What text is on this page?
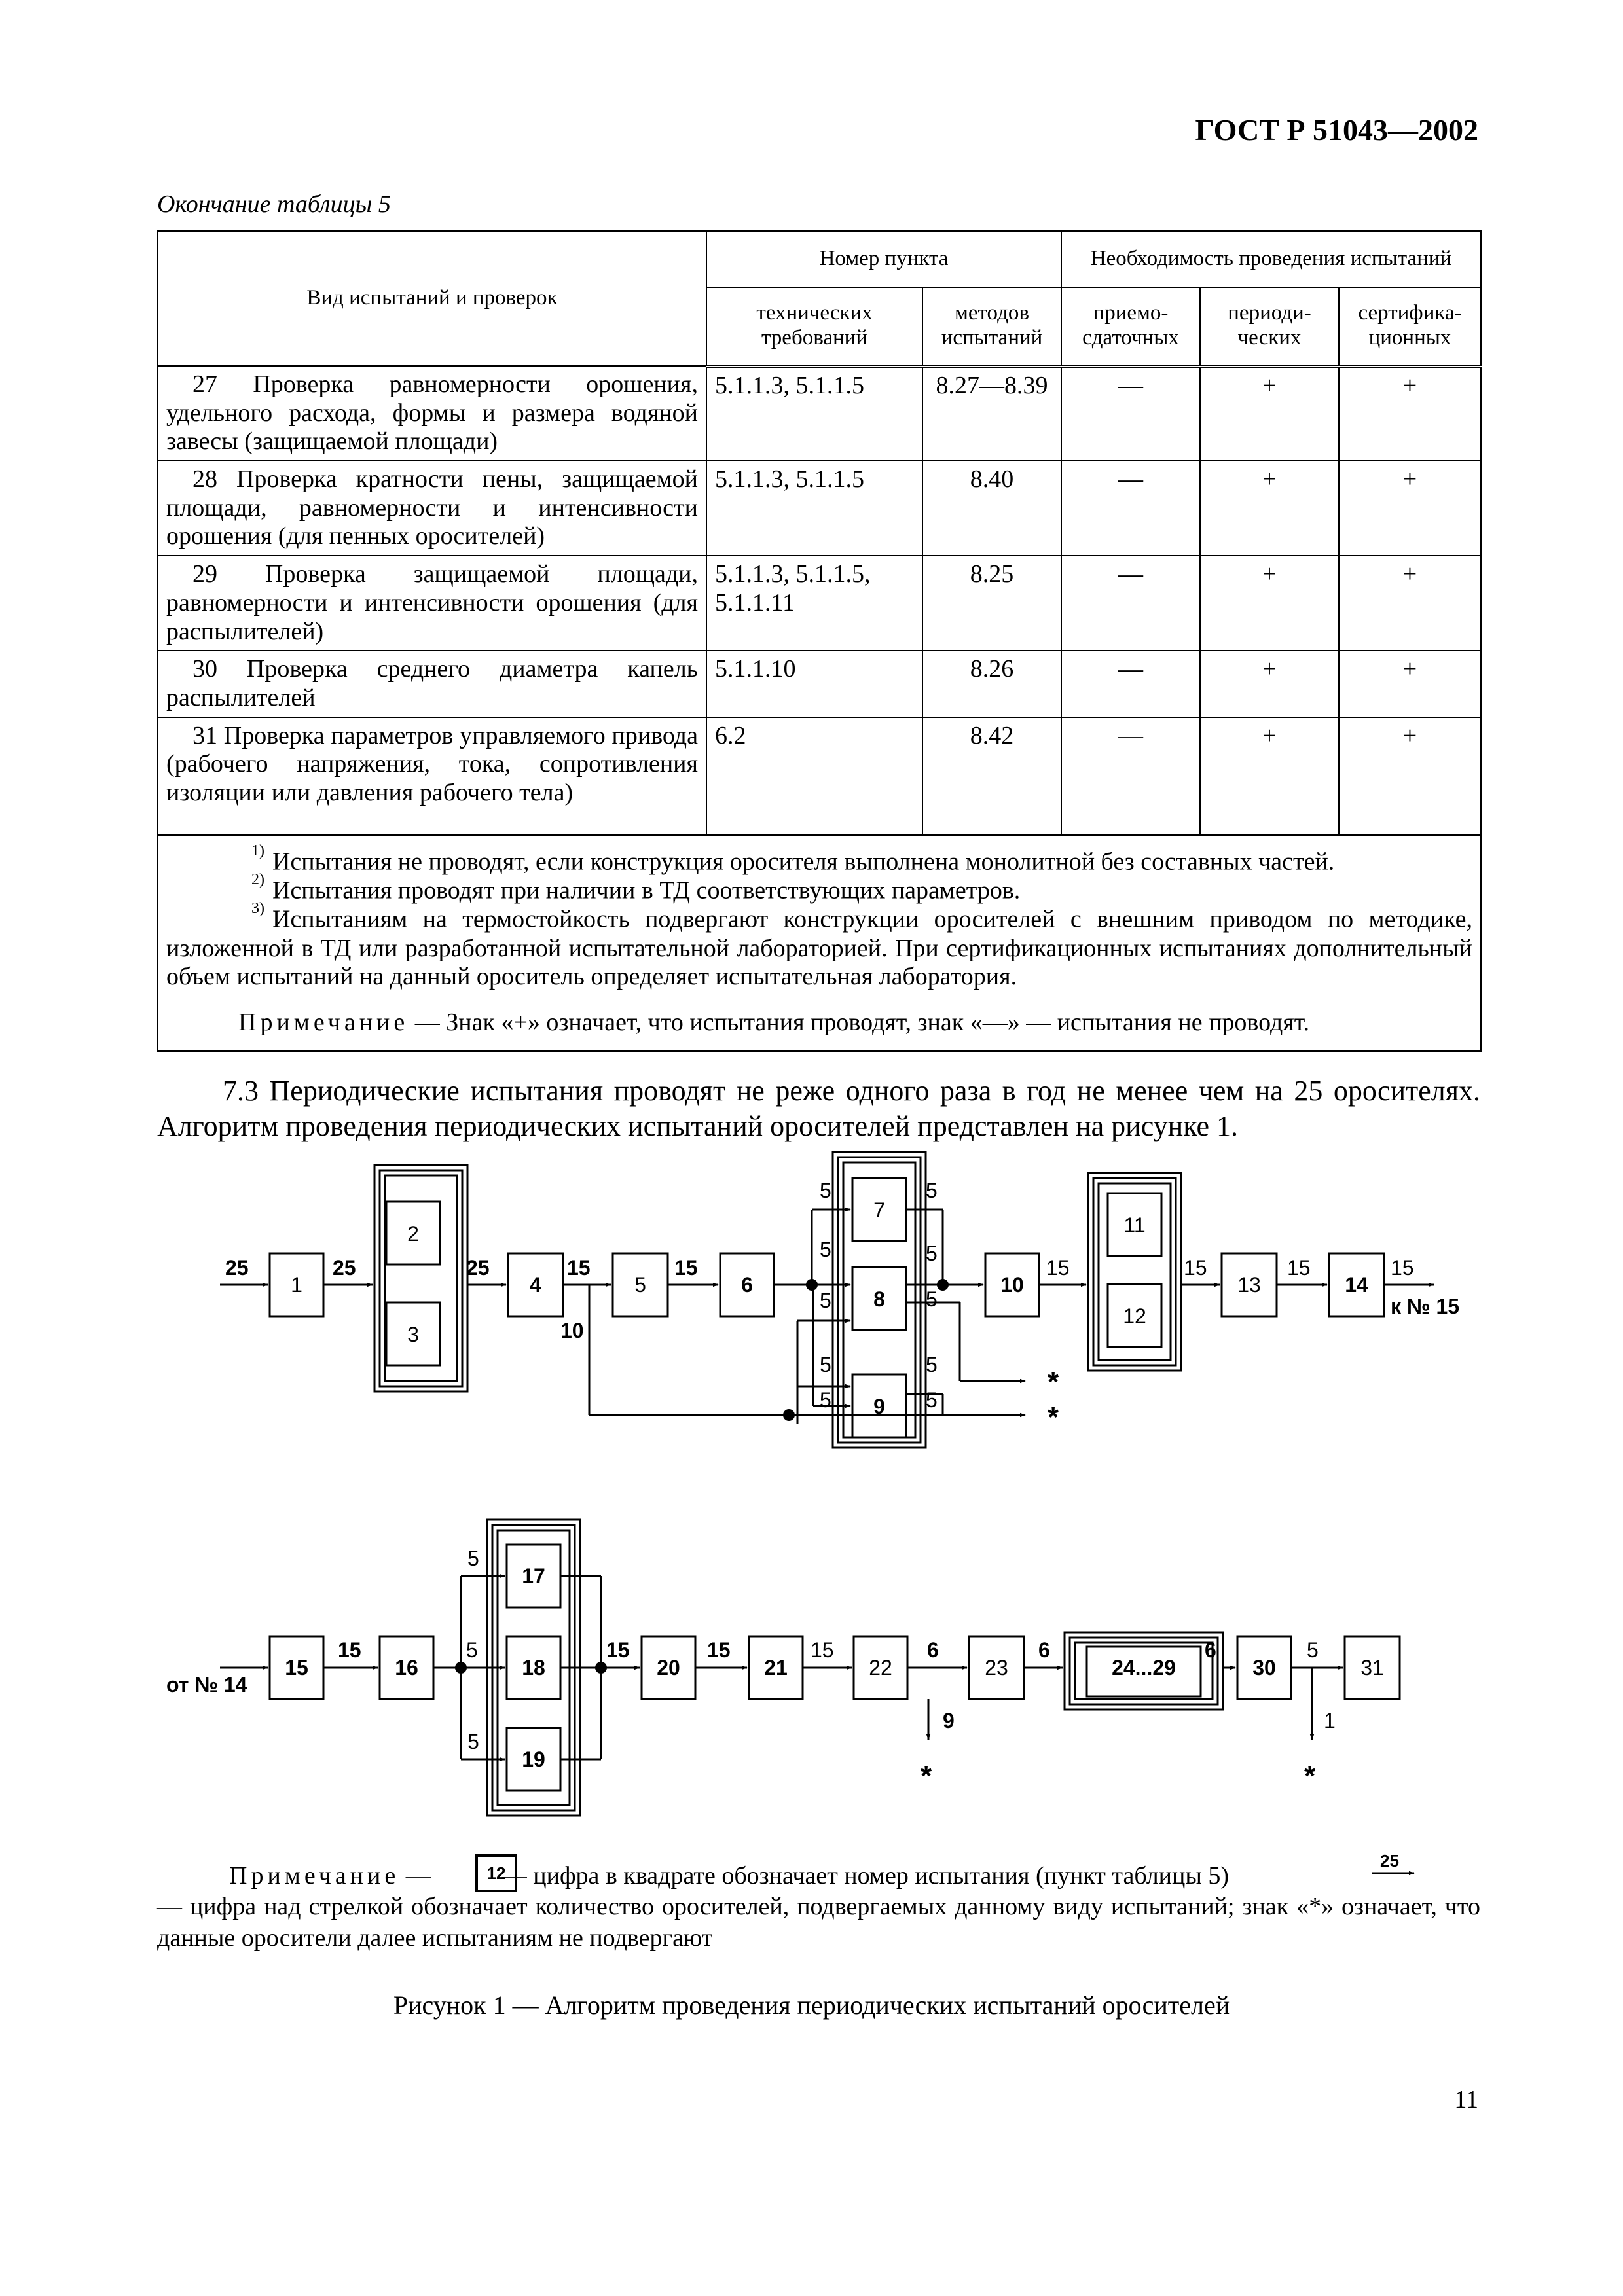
ГОСТ Р 51043—2002
Окончание таблицы 5
Вид испытаний и проверок	Номер пункта		Необходимость проведения испытаний		
	технических требований	методов испытаний	приемо-сдаточных	периоди-ческих	сертифика-ционных
27 Проверка равномерности орошения, удельного расхода, формы и размера водяной завесы (защищаемой площади)	5.1.1.3, 5.1.1.5	8.27—8.39	—	+	+
28 Проверка кратности пены, защищаемой площади, равномерности и интенсивности орошения (для пенных оросителей)	5.1.1.3, 5.1.1.5	8.40	—	+	+
29 Проверка защищаемой площади, равномерности и интенсивности орошения (для распылителей)	5.1.1.3, 5.1.1.5, 5.1.1.11	8.25	—	+	+
30 Проверка среднего диаметра капель распылителей	5.1.1.10	8.26	—	+	+
31 Проверка параметров управляемого привода (рабочего напряжения, тока, сопротивления изоляции или давления рабочего тела)	6.2	8.42	—	+	+

$^{1)}$ Испытания не проводят, если конструкция оросителя выполнена монолитной без составных частей.
$^{2)}$ Испытания проводят при наличии в ТД соответствующих параметров.
$^{3)}$ Испытаниям на термостойкость подвергают конструкции оросителей с внешним приводом по методике, изложенной в ТД или разработанной испытательной лабораторией. При сертификационных испытаниях дополнительный объем испытаний на данный ороситель определяет испытательная лаборатория.
Примечание — Знак «+» означает, что испытания проводят, знак «—» — испытания не проводят.					
7.3 Периодические испытания проводят не реже одного раза в год не менее чем на 25 оросителях. Алгоритм проведения периодических испытаний оросителей представлен на рисунке 1.
1
2
3
4	5	6
7
8
9
10
11
12
13	14
15	16
17
18
19
20	21	22	23	24...29	30	31
25	25	25	15	15
10
5
5
5
5
5
5
5
5
5
5
15	15	15	15
15	5
5
5
15	15	15	6	6	6	5
9	1
*
*
*	*
к № 15
от № 14
12
25
Примечание —	— цифра в квадрате обозначает номер испытания (пункт таблицы 5)
— цифра над стрелкой обозначает количество оросителей, подвергаемых данному виду испытаний; знак «*» означает, что данные оросители далее испытаниям не подвергают
Рисунок 1 — Алгоритм проведения периодических испытаний оросителей
11
